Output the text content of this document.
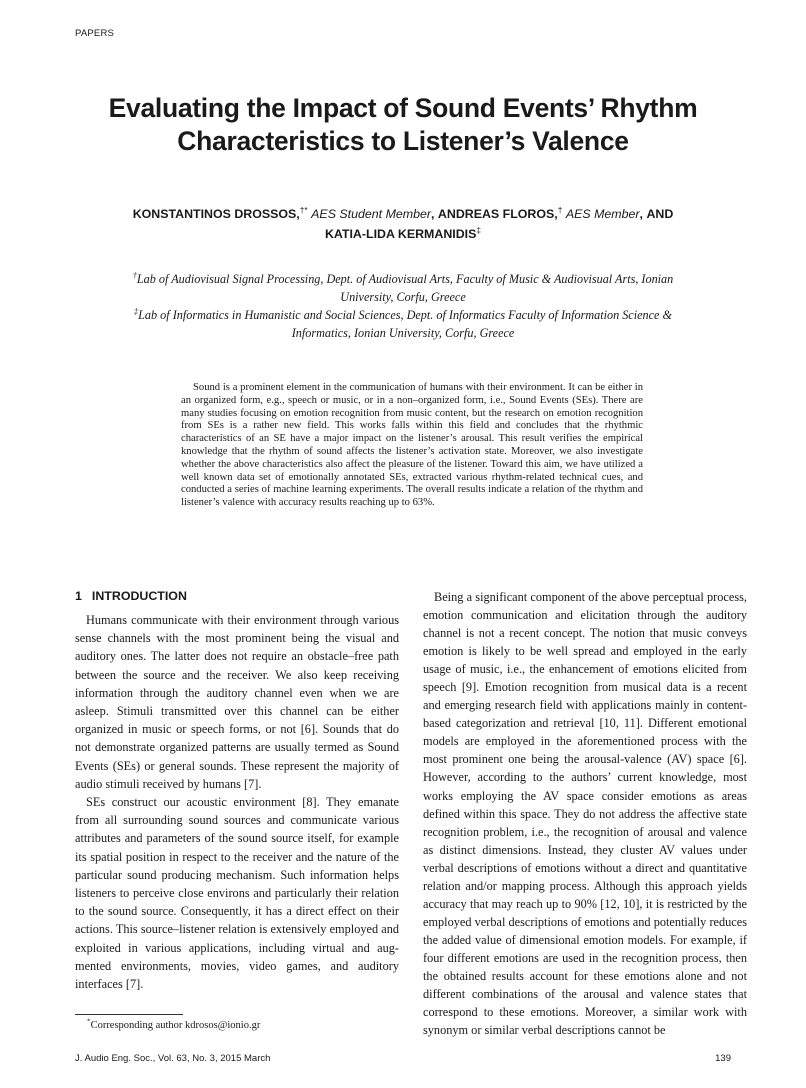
PAPERS
Evaluating the Impact of Sound Events’ Rhythm
Characteristics to Listener’s Valence
KONSTANTINOS DROSSOS,†* AES Student Member, ANDREAS FLOROS,† AES Member, AND
KATIA-LIDA KERMANIDIS‡
†Lab of Audiovisual Signal Processing, Dept. of Audiovisual Arts, Faculty of Music & Audiovisual Arts, Ionian
University, Corfu, Greece
‡Lab of Informatics in Humanistic and Social Sciences, Dept. of Informatics Faculty of Information Science &
Informatics, Ionian University, Corfu, Greece
Sound is a prominent element in the communication of humans with their environment. It can be either in an organized form, e.g., speech or music, or in a non–organized form, i.e., Sound Events (SEs). There are many studies focusing on emotion recognition from music content, but the research on emotion recognition from SEs is a rather new field. This works falls within this field and concludes that the rhythmic characteristics of an SE have a major impact on the listener’s arousal. This result verifies the empirical knowledge that the rhythm of sound affects the listener’s activation state. Moreover, we also investigate whether the above characteristics also affect the pleasure of the listener. Toward this aim, we have utilized a well known data set of emotionally annotated SEs, extracted various rhythm-related technical cues, and conducted a series of machine learning experiments. The overall results indicate a relation of the rhythm and listener’s valence with accuracy results reaching up to 63%.
1 INTRODUCTION

Humans communicate with their environment through various sense channels with the most prominent being the visual and auditory ones. The latter does not require an obstacle–free path between the source and the receiver. We also keep receiving information through the auditory channel even when we are asleep. Stimuli transmitted over this channel can be either organized in music or speech forms, or not [6]. Sounds that do not demonstrate organized patterns are usually termed as Sound Events (SEs) or general sounds. These represent the majority of audio stimuli received by humans [7].

SEs construct our acoustic environment [8]. They emanate from all surrounding sound sources and communicate various attributes and parameters of the sound source itself, for example its spatial position in respect to the receiver and the nature of the particular sound producing mechanism. Such information helps listeners to perceive close environs and particularly their relation to the sound source. Consequently, it has a direct effect on their actions. This source–listener relation is extensively employed and exploited in various applications, including virtual and augmented environments, movies, video games, and auditory interfaces [7].

Being a significant component of the above perceptual process, emotion communication and elicitation through the auditory channel is not a recent concept. The notion that music conveys emotion is likely to be well spread and employed in the early usage of music, i.e., the enhancement of emotions elicited from speech [9]. Emotion recognition from musical data is a recent and emerging research field with applications mainly in content-based categorization and retrieval [10, 11]. Different emotional models are employed in the aforementioned process with the most prominent one being the arousal-valence (AV) space [6]. However, according to the authors’ current knowledge, most works employing the AV space consider emotions as areas defined within this space. They do not address the affective state recognition problem, i.e., the recognition of arousal and valence as distinct dimensions. Instead, they cluster AV values under verbal descriptions of emotions without a direct and quantitative relation and/or mapping process. Although this approach yields accuracy that may reach up to 90% [12, 10], it is restricted by the employed verbal descriptions of emotions and potentially reduces the added value of dimensional emotion models. For example, if four different emotions are used in the recognition process, then the obtained results account for these emotions alone and not different combinations of the arousal and valence states that correspond to these emotions. Moreover, a similar work with synonym or similar verbal descriptions cannot be

*Corresponding author kdrosos@ionio.gr
J. Audio Eng. Soc., Vol. 63, No. 3, 2015 March	139
